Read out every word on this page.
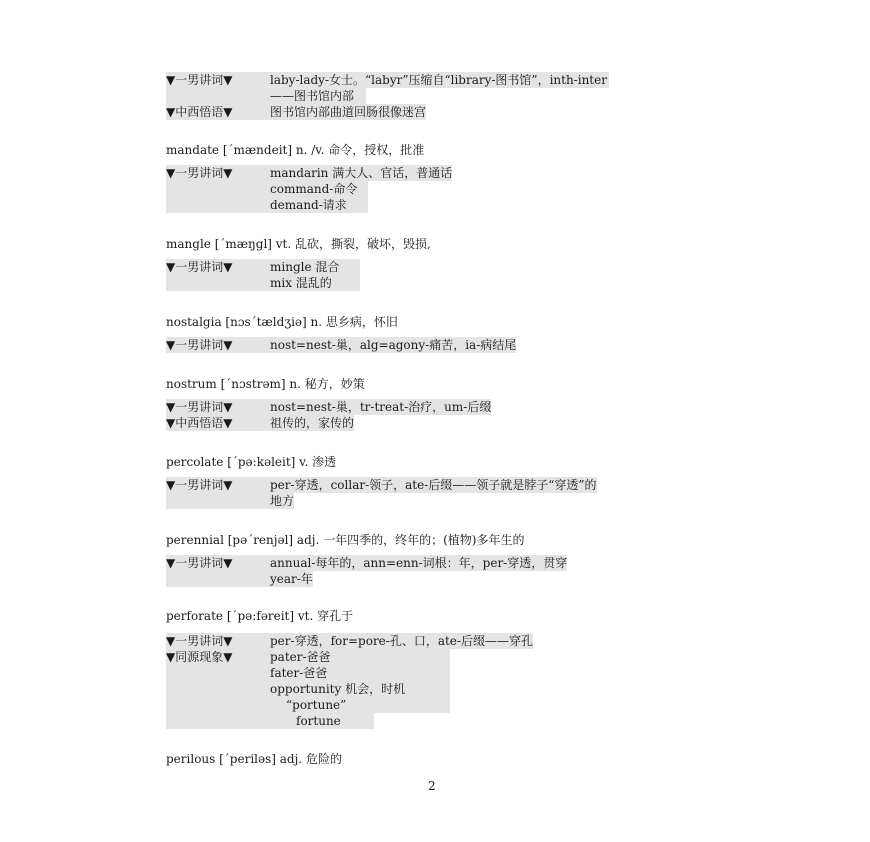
▼一男讲词▼	laby-lady-女士。“labyr”压缩自“library-图书馆”，inth-inter
——图书馆内部
▼中西悟语▼	图书馆内部曲道回肠很像迷宫
mandate [ˊmændeit] n. /v. 命令，授权，批准
▼一男讲词▼	mandarin 满大人、官话，普通话
command-命令
demand-请求
mangle [ˊmæŋgl] vt. 乱砍，撕裂，破坏，毁损,
▼一男讲词▼	mingle 混合
mix 混乱的
nostalgia [nɔsˊtældʒiə] n. 思乡病，怀旧
▼一男讲词▼	nost=nest-巢，alg=agony-痛苦，ia-病结尾
nostrum [ˊnɔstrəm] n. 秘方，妙策
▼一男讲词▼	nost=nest-巢，tr-treat-治疗，um-后缀
▼中西悟语▼	祖传的，家传的
percolate [ˊpə:kəleit] v. 渗透
▼一男讲词▼	per-穿透，collar-领子，ate-后缀——领子就是脖子“穿透”的
地方
perennial [pəˊrenjəl] adj. 一年四季的，终年的；(植物)多年生的
▼一男讲词▼	annual-每年的，ann=enn-词根：年，per-穿透，贯穿
year-年
perforate [ˊpə:fəreit] vt. 穿孔于
▼一男讲词▼	per-穿透，for=pore-孔、口，ate-后缀——穿孔
▼同源现象▼	pater-爸爸
fater-爸爸
opportunity 机会，时机
“portune”
fortune
perilous [ˊperiləs] adj. 危险的
2
